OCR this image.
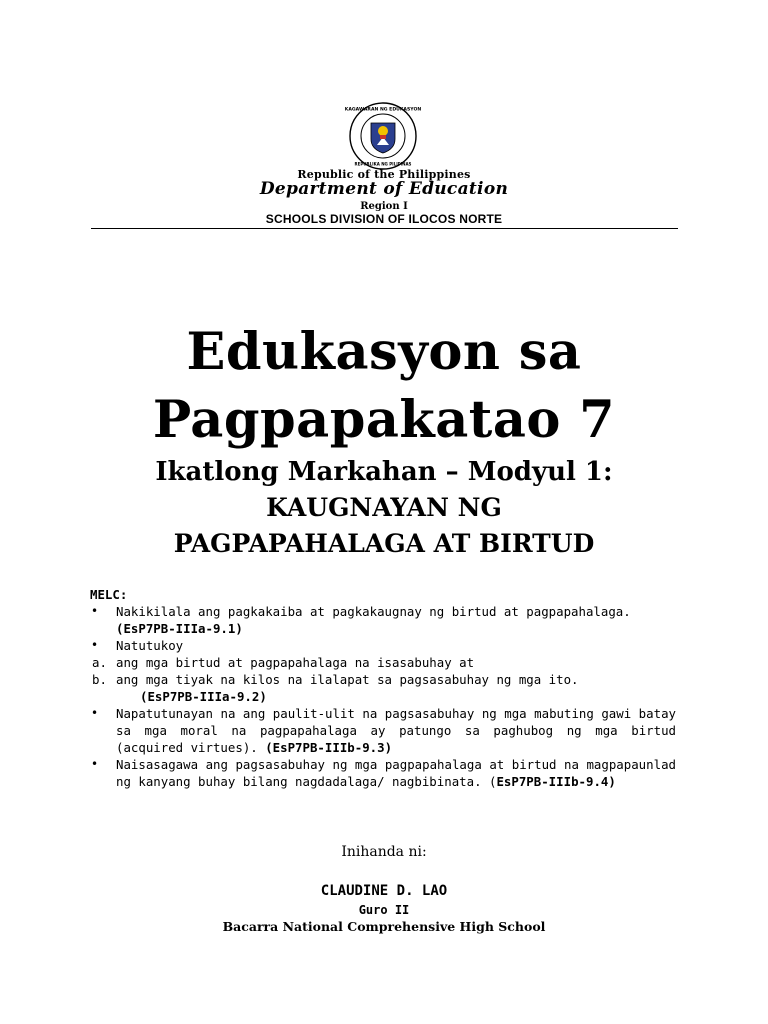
KAGAWARAN NG EDUKASYON
REPUBLIKA NG PILIPINAS
Republic of the Philippines
Department of Education
Region I
SCHOOLS DIVISION OF ILOCOS NORTE
Edukasyon sa
Pagpapakatao 7
Ikatlong Markahan – Modyul 1:
KAUGNAYAN NG
PAGPAPAHALAGA AT BIRTUD
MELC:
• Nakikilala ang pagkakaiba at pagkakaugnay ng birtud at pagpapahalaga.
(EsP7PB-IIIa-9.1)
• Natutukoy
a. ang mga birtud at pagpapahalaga na isasabuhay at
b. ang mga tiyak na kilos na ilalapat sa pagsasabuhay ng mga ito.
(EsP7PB-IIIa-9.2)
• Napatutunayan na ang paulit-ulit na pagsasabuhay ng mga mabuting gawi batay sa mga moral na pagpapahalaga ay patungo sa paghubog ng mga birtud (acquired virtues). (EsP7PB-IIIb-9.3)
• Naisasagawa ang pagsasabuhay ng mga pagpapahalaga at birtud na magpapaunlad ng kanyang buhay bilang nagdadalaga/ nagbibinata. (EsP7PB-IIIb-9.4)
Inihanda ni:
CLAUDINE D. LAO
Guro II
Bacarra National Comprehensive High School
